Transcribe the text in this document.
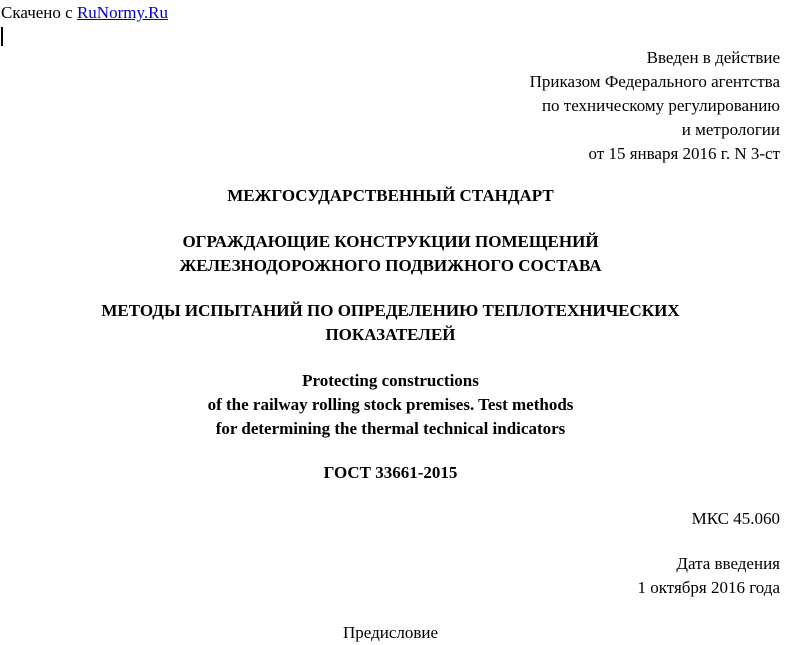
Скачено с RuNormy.Ru
Введен в действие
Приказом Федерального агентства
по техническому регулированию
и метрологии
от 15 января 2016 г. N 3-ст
МЕЖГОСУДАРСТВЕННЫЙ СТАНДАРТ
ОГРАЖДАЮЩИЕ КОНСТРУКЦИИ ПОМЕЩЕНИЙ
ЖЕЛЕЗНОДОРОЖНОГО ПОДВИЖНОГО СОСТАВА
МЕТОДЫ ИСПЫТАНИЙ ПО ОПРЕДЕЛЕНИЮ ТЕПЛОТЕХНИЧЕСКИХ
ПОКАЗАТЕЛЕЙ
Protecting constructions
of the railway rolling stock premises. Test methods
for determining the thermal technical indicators
ГОСТ 33661-2015
МКС 45.060
Дата введения
1 октября 2016 года
Предисловие
